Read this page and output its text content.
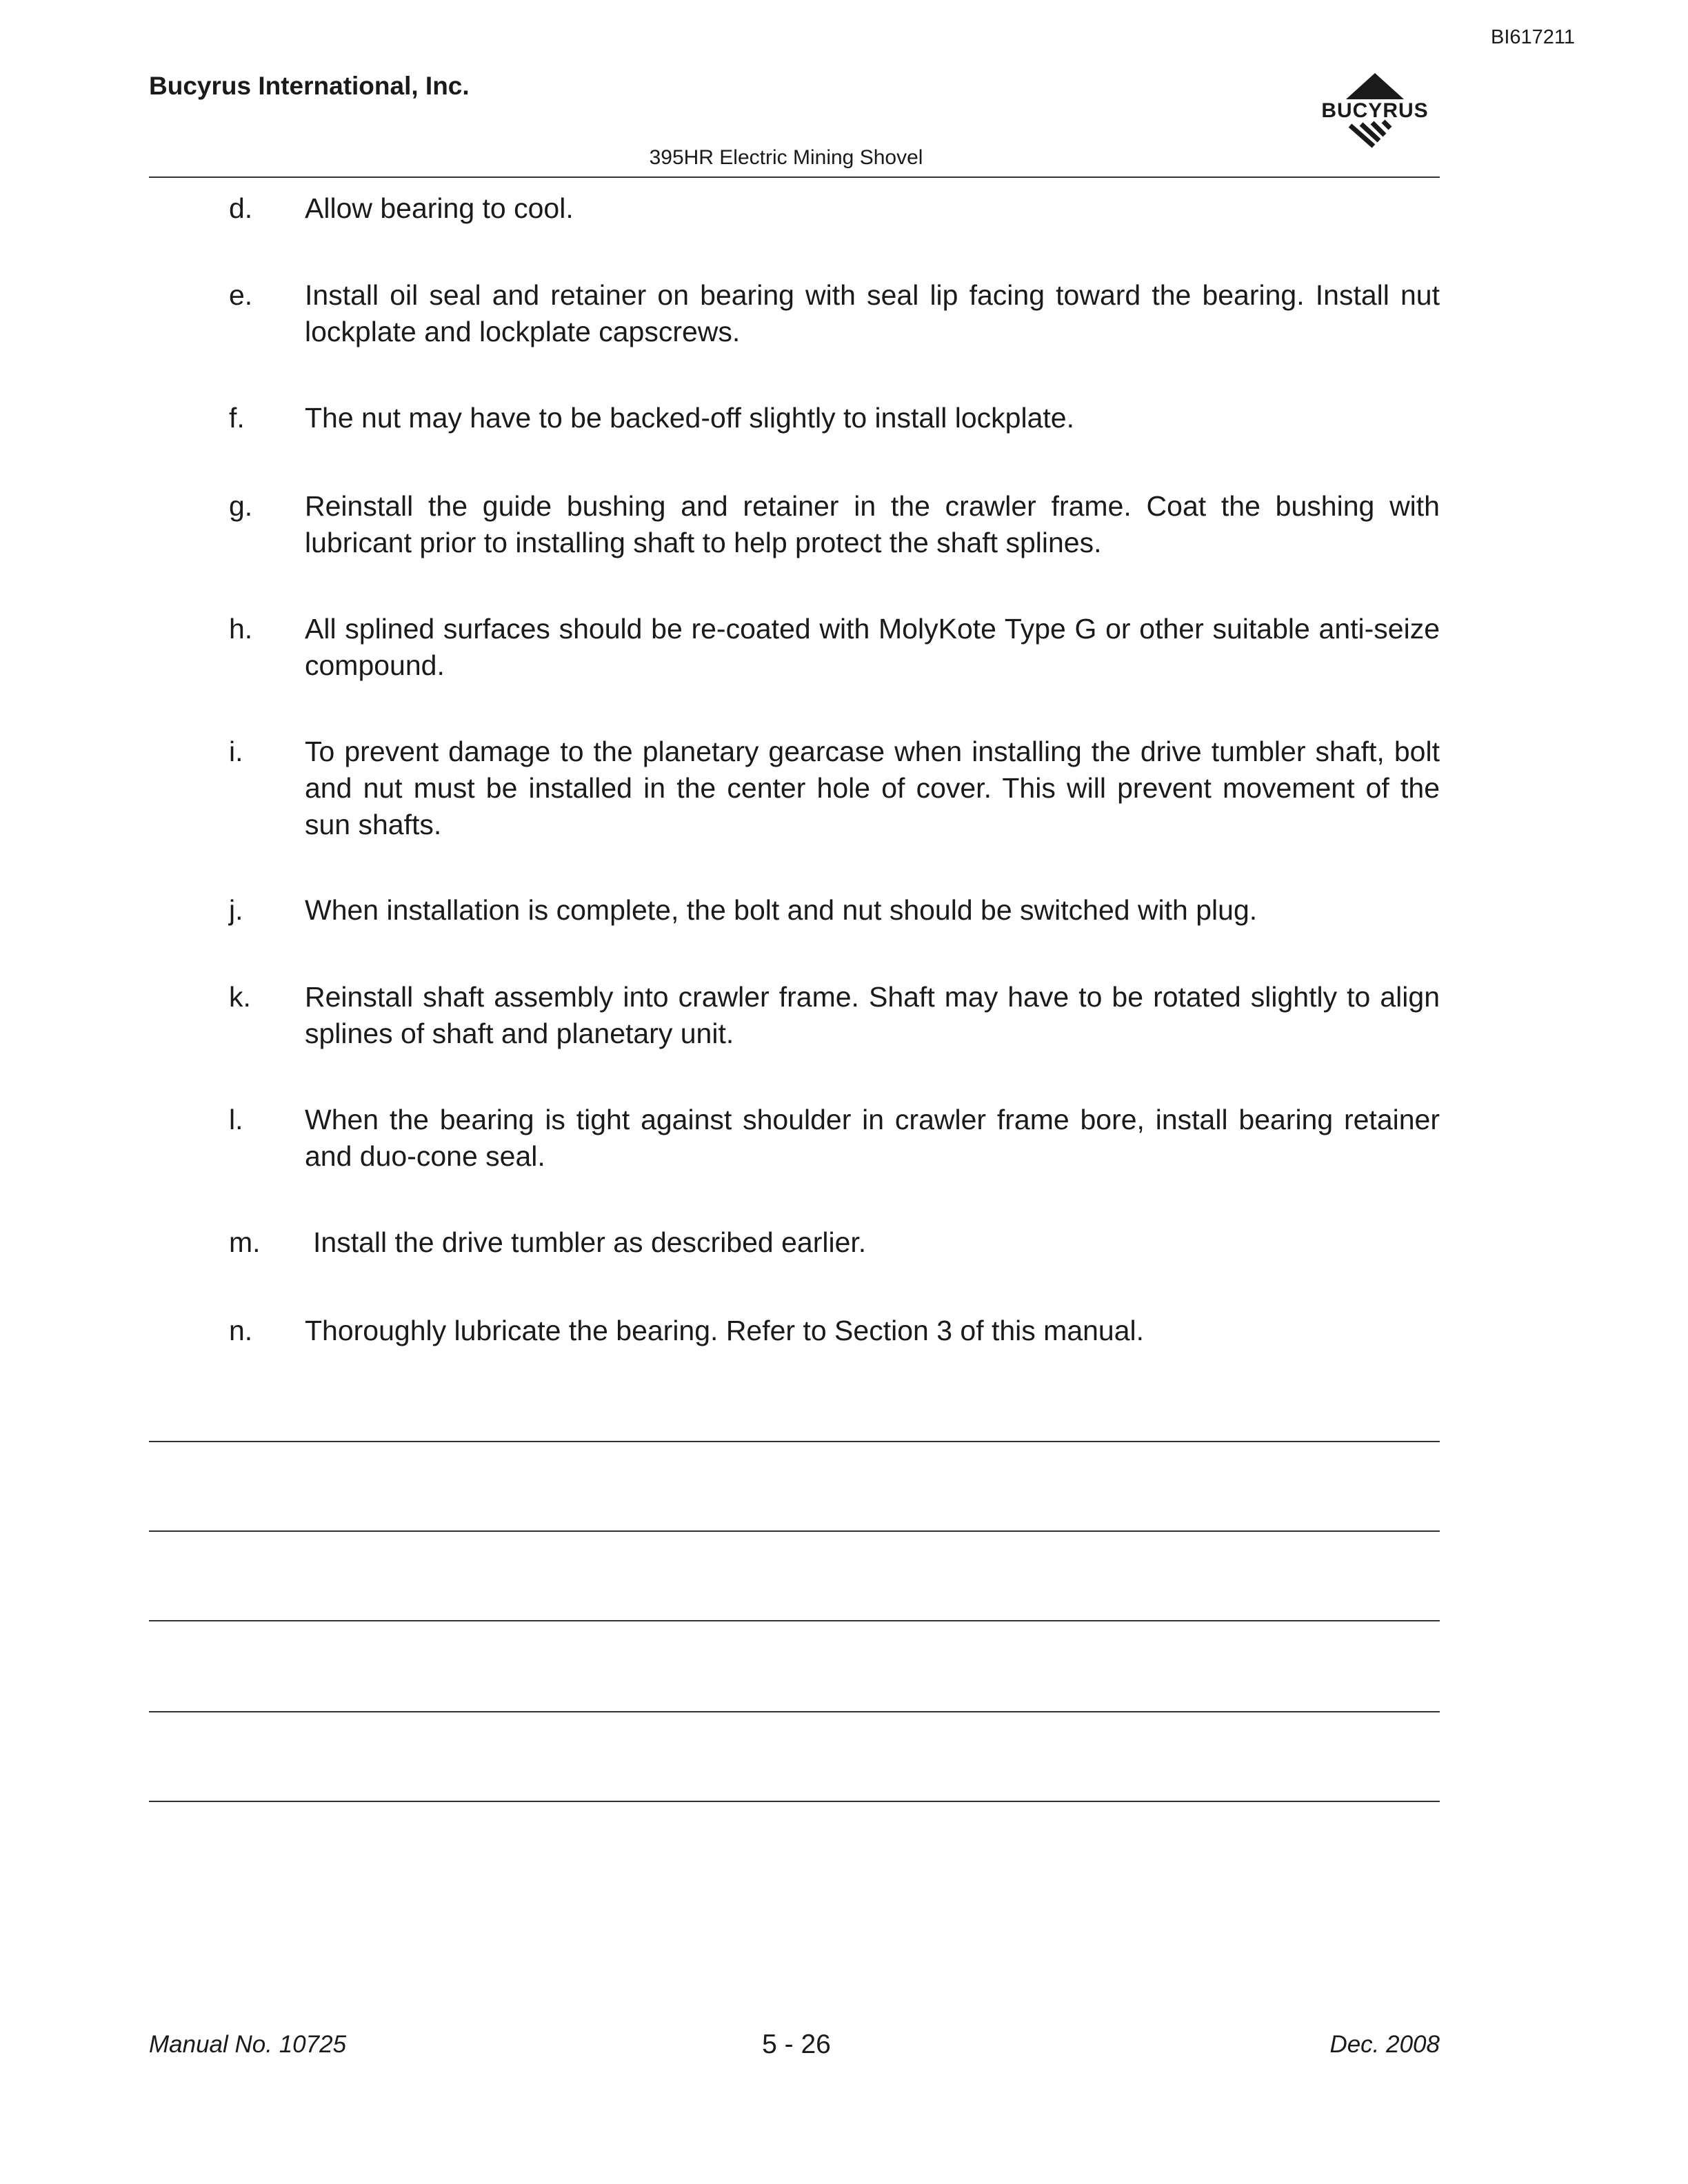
BI617211
Bucyrus International, Inc.
BUCYRUS
395HR Electric Mining Shovel
d. Allow bearing to cool.
e. Install oil seal and retainer on bearing with seal lip facing toward the bearing. Install nut lockplate and lockplate capscrews.
f. The nut may have to be backed-off slightly to install lockplate.
g. Reinstall the guide bushing and retainer in the crawler frame. Coat the bushing with lubricant prior to installing shaft to help protect the shaft splines.
h. All splined surfaces should be re-coated with MolyKote Type G or other suitable anti-seize compound.
i. To prevent damage to the planetary gearcase when installing the drive tumbler shaft, bolt and nut must be installed in the center hole of cover. This will prevent movement of the sun shafts.
j. When installation is complete, the bolt and nut should be switched with plug.
k. Reinstall shaft assembly into crawler frame. Shaft may have to be rotated slightly to align splines of shaft and planetary unit.
l. When the bearing is tight against shoulder in crawler frame bore, install bearing retainer and duo-cone seal.
m. Install the drive tumbler as described earlier.
n. Thoroughly lubricate the bearing. Refer to Section 3 of this manual.
Manual No. 10725	5 - 26	Dec. 2008
